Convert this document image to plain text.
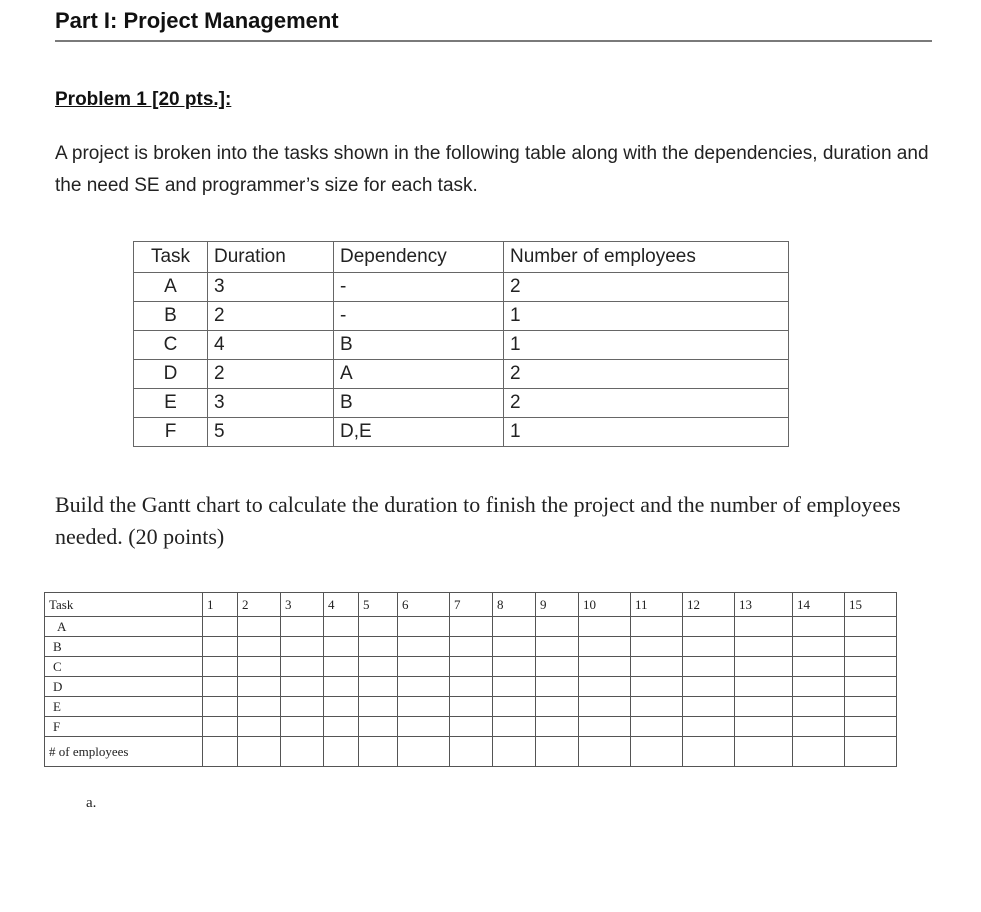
Part I: Project Management
Problem 1 [20 pts.]:
A project is broken into the tasks shown in the following table along with the dependencies, duration and the need SE and programmer’s size for each task.
Task	Duration	Dependency	Number of employees
A	3	-	2
B	2	-	1
C	4	B	1
D	2	A	2
E	3	B	2
F	5	D,E	1
Build the Gantt chart to calculate the duration to finish the project and the number of employees needed. (20 points)
Task	1	2	3	4	5	6	7	8	9	10	11	12	13	14	15
A															
B															
C															
D															
E															
F															
# of employees															
a.
